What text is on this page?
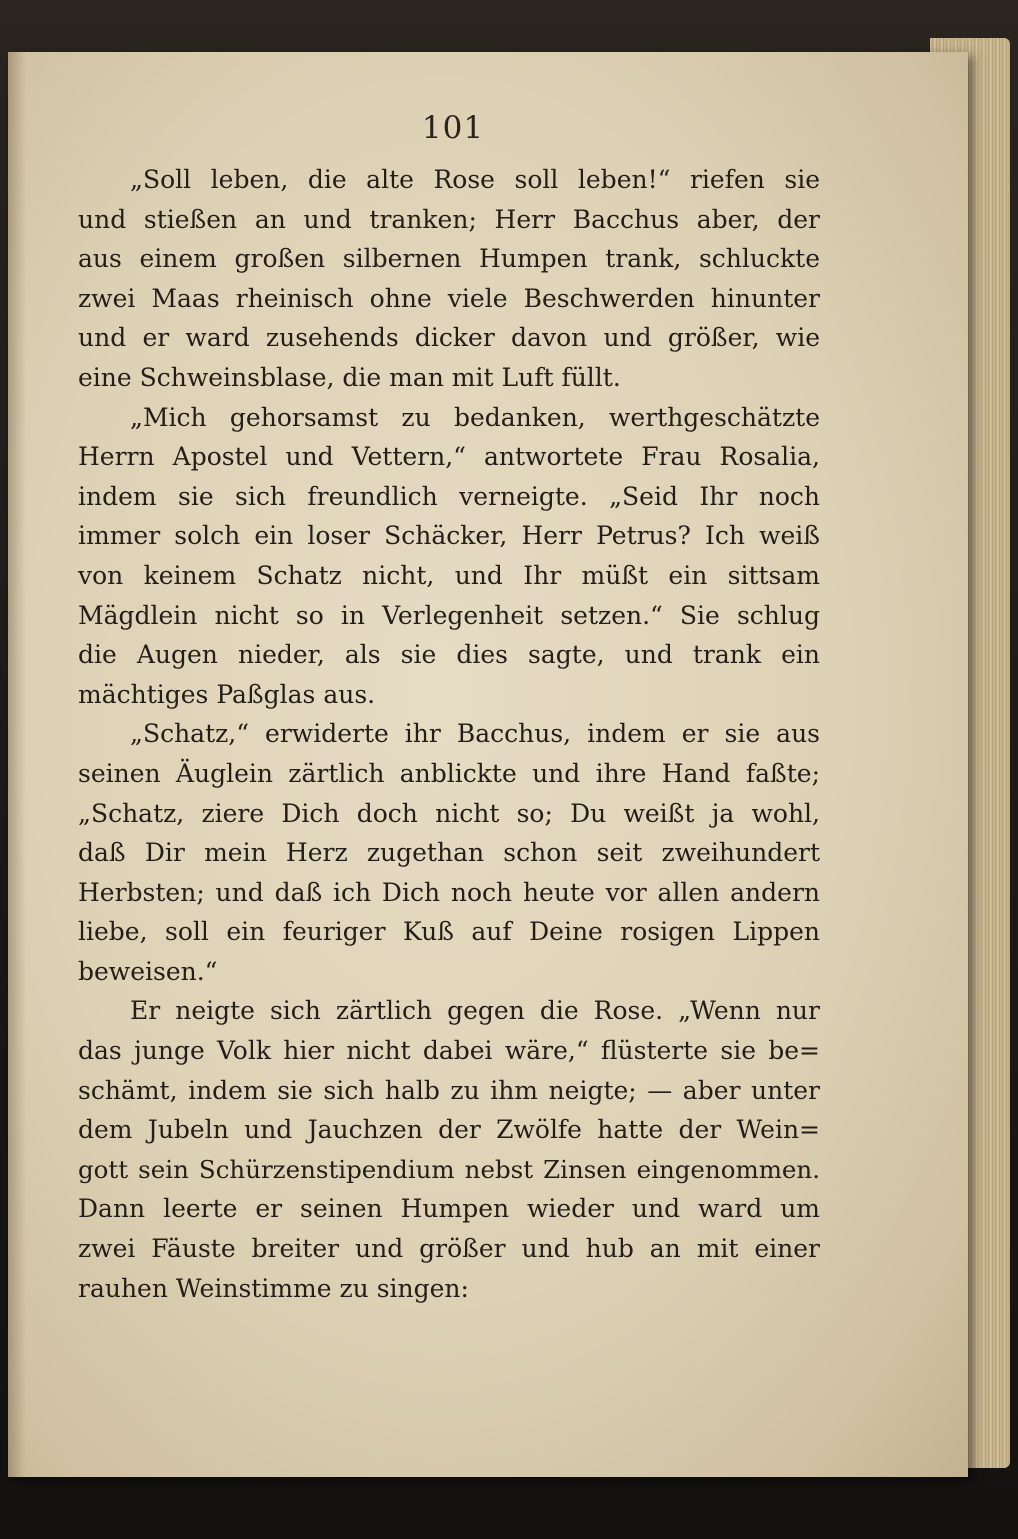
101
„Soll leben, die alte Rose soll leben!“ riefen sie
und stießen an und tranken; Herr Bacchus aber, der
aus einem großen silbernen Humpen trank, schluckte
zwei Maas rheinisch ohne viele Beschwerden hinunter
und er ward zusehends dicker davon und größer, wie
eine Schweinsblase, die man mit Luft füllt.
„Mich gehorsamst zu bedanken, werthgeschätzte
Herrn Apostel und Vettern,“ antwortete Frau Rosalia,
indem sie sich freundlich verneigte. „Seid Ihr noch
immer solch ein loser Schäcker, Herr Petrus? Ich weiß
von keinem Schatz nicht, und Ihr müßt ein sittsam
Mägdlein nicht so in Verlegenheit setzen.“ Sie schlug
die Augen nieder, als sie dies sagte, und trank ein
mächtiges Paßglas aus.
„Schatz,“ erwiderte ihr Bacchus, indem er sie aus
seinen Äuglein zärtlich anblickte und ihre Hand faßte;
„Schatz, ziere Dich doch nicht so; Du weißt ja wohl,
daß Dir mein Herz zugethan schon seit zweihundert
Herbsten; und daß ich Dich noch heute vor allen andern
liebe, soll ein feuriger Kuß auf Deine rosigen Lippen
beweisen.“
Er neigte sich zärtlich gegen die Rose. „Wenn nur
das junge Volk hier nicht dabei wäre,“ flüsterte sie be=
schämt, indem sie sich halb zu ihm neigte; — aber unter
dem Jubeln und Jauchzen der Zwölfe hatte der Wein=
gott sein Schürzenstipendium nebst Zinsen eingenommen.
Dann leerte er seinen Humpen wieder und ward um
zwei Fäuste breiter und größer und hub an mit einer
rauhen Weinstimme zu singen:
